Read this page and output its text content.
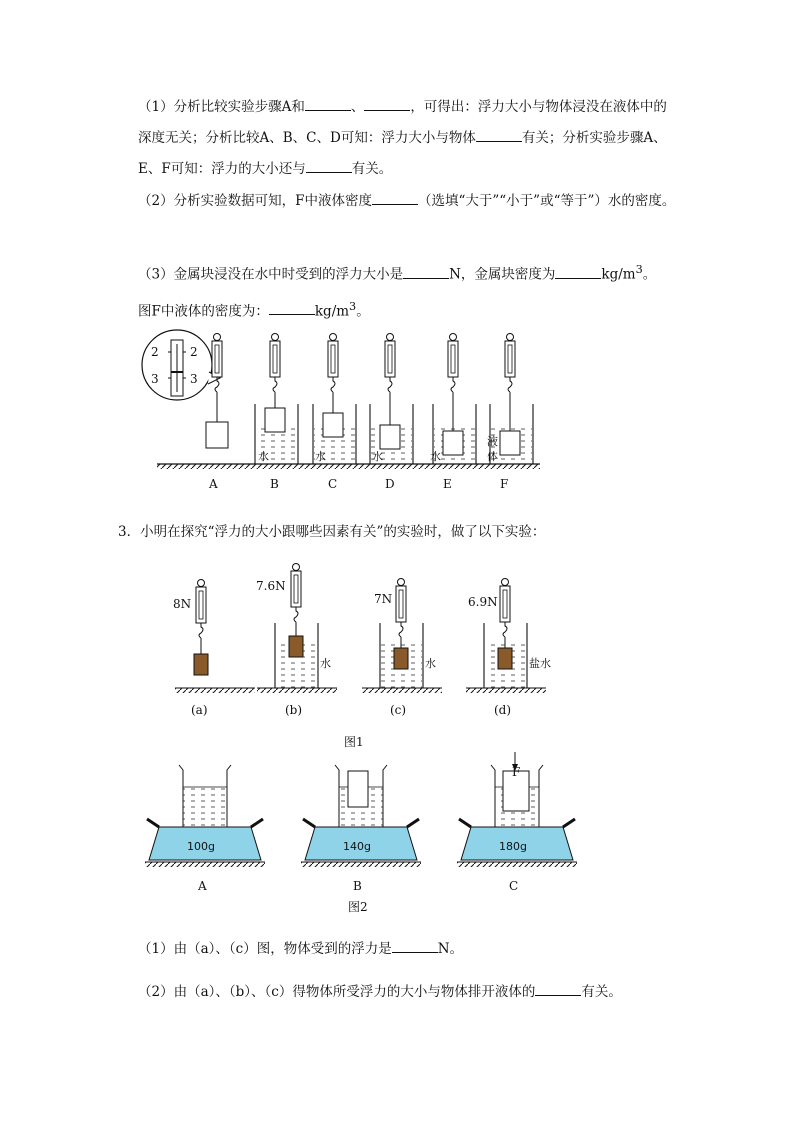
（1）分析比较实验步骤A和	、	，可得出：浮力大小与物体浸没在液体中的深度无关；分析比较A、B、C、D可知：浮力大小与物体	有关；分析实验步骤A、E、F可知：浮力的大小还与	有关。
（2）分析实验数据可知，F中液体密度	（选填“大于”“小于”或“等于”）水的密度。
（3）金属块浸没在水中时受到的浮力大小是	N，金属块密度为	$kg/m^3$。
图F中液体的密度为：	$kg/m^3$。
2	2
3	3
A	B	C	D	E	F
水	水	水	水
液
体
8N
7.6N
7N	6.9N
水	水	盐水
(a)	(b)	(c)	(d)
图1
F
100g	140g	180g
A	B	C
图2
3．小明在探究“浮力的大小跟哪些因素有关”的实验时，做了以下实验：
（1）由（a）、（c）图，物体受到的浮力是	N。
（2）由（a）、（b）、（c）得物体所受浮力的大小与物体排开液体的	有关。
